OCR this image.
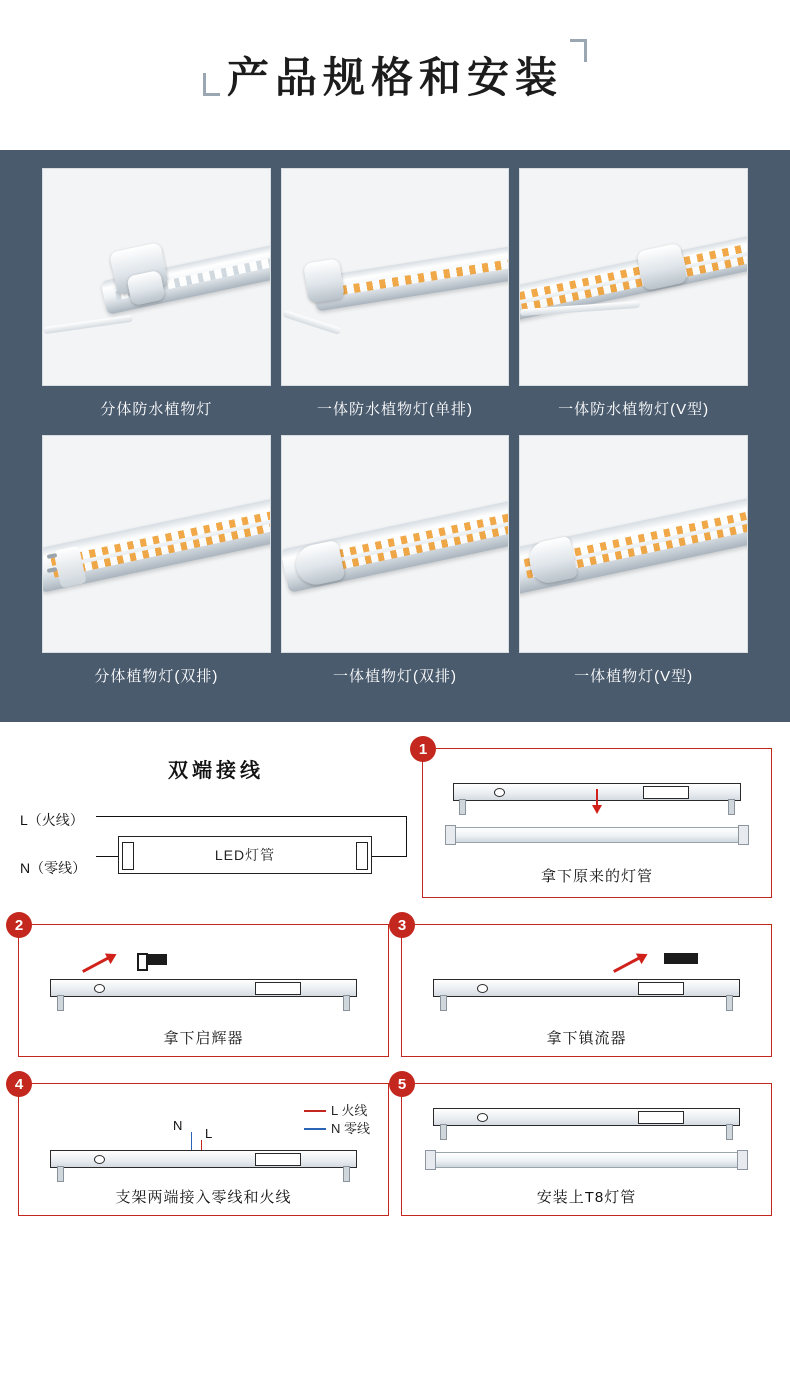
产品规格和安装
分体防水植物灯	一体防水植物灯(单排)	一体防水植物灯(V型)
分体植物灯(双排)	一体植物灯(双排)	一体植物灯(V型)
双端接线
L（火线）
N（零线）
LED灯管
1
拿下原来的灯管
2
拿下启辉器
3
拿下镇流器
4
L 火线
N 零线
N
L
支架两端接入零线和火线
5
安装上T8灯管
